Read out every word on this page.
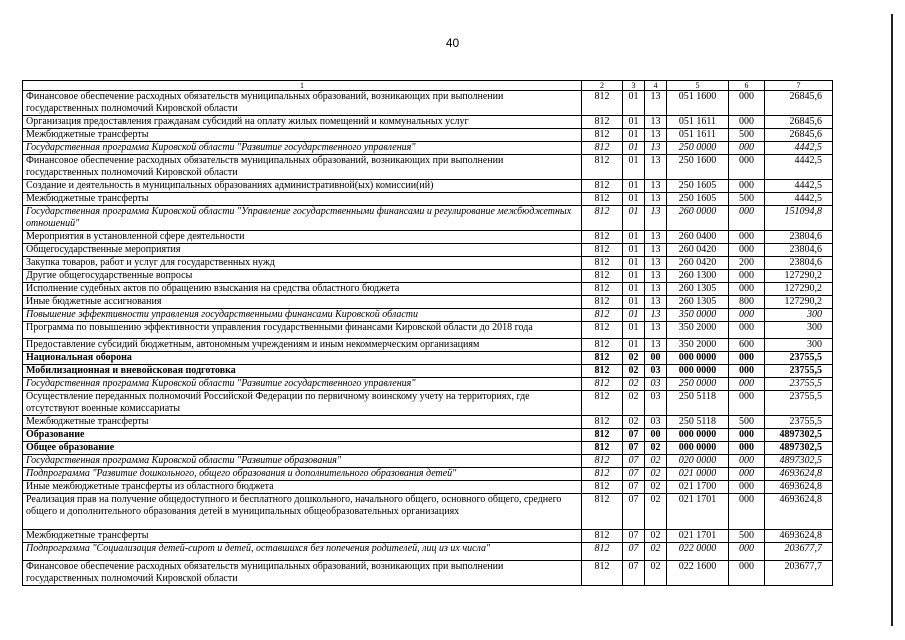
40
1	2	3	4	5	6	7
Финансовое обеспечение расходных обязательств муниципальных образований, возникающих при выполнении государственных полномочий Кировской области	812	01	13	051 1600	000	26845,6
Организация предоставления гражданам субсидий на оплату жилых помещений и коммунальных услуг	812	01	13	051 1611	000	26845,6
Межбюджетные трансферты	812	01	13	051 1611	500	26845,6
Государственная программа Кировской области "Развитие государственного управления"	812	01	13	250 0000	000	4442,5
Финансовое обеспечение расходных обязательств муниципальных образований, возникающих при выполнении государственных полномочий Кировской области	812	01	13	250 1600	000	4442,5
Создание и деятельность в муниципальных образованиях административной(ых) комиссии(ий)	812	01	13	250 1605	000	4442,5
Межбюджетные трансферты	812	01	13	250 1605	500	4442,5
Государственная программа Кировской области "Управление государственными финансами и регулирование межбюджетных отношений"	812	01	13	260 0000	000	151094,8
Мероприятия в установленной сфере деятельности	812	01	13	260 0400	000	23804,6
Общегосударственные мероприятия	812	01	13	260 0420	000	23804,6
Закупка товаров, работ и услуг для государственных нужд	812	01	13	260 0420	200	23804,6
Другие общегосударственные вопросы	812	01	13	260 1300	000	127290,2
Исполнение судебных актов по обращению взыскания на средства областного бюджета	812	01	13	260 1305	000	127290,2
Иные бюджетные ассигнования	812	01	13	260 1305	800	127290,2
Повышение эффективности управления государственными финансами Кировской области	812	01	13	350 0000	000	300
Программа по повышению эффективности управления государственными финансами Кировской области до 2018 года	812	01	13	350 2000	000	300
Предоставление субсидий бюджетным, автономным учреждениям и иным некоммерческим организациям	812	01	13	350 2000	600	300
Национальная оборона	812	02	00	000 0000	000	23755,5
Мобилизационная и вневойсковая подготовка	812	02	03	000 0000	000	23755,5
Государственная программа Кировской области "Развитие государственного управления"	812	02	03	250 0000	000	23755,5
Осуществление переданных полномочий Российской Федерации по первичному воинскому учету на территориях, где отсутствуют военные комиссариаты	812	02	03	250 5118	000	23755,5
Межбюджетные трансферты	812	02	03	250 5118	500	23755,5
Образование	812	07	00	000 0000	000	4897302,5
Общее образование	812	07	02	000 0000	000	4897302,5
Государственная программа Кировской области "Развитие образования"	812	07	02	020 0000	000	4897302,5
Подпрограмма "Развитие дошкольного, общего образования и дополнительного образования детей"	812	07	02	021 0000	000	4693624,8
Иные межбюджетные трансферты из областного бюджета	812	07	02	021 1700	000	4693624,8
Реализация прав на получение общедоступного и бесплатного дошкольного, начального общего, основного общего, среднего общего и дополнительного образования детей в муниципальных общеобразовательных организациях	812	07	02	021 1701	000	4693624,8
Межбюджетные трансферты	812	07	02	021 1701	500	4693624,8
Подпрограмма "Социализация детей-сирот и детей, оставшихся без попечения родителей, лиц из их числа"	812	07	02	022 0000	000	203677,7
Финансовое обеспечение расходных обязательств муниципальных образований, возникающих при выполнении государственных полномочий Кировской области	812	07	02	022 1600	000	203677,7
